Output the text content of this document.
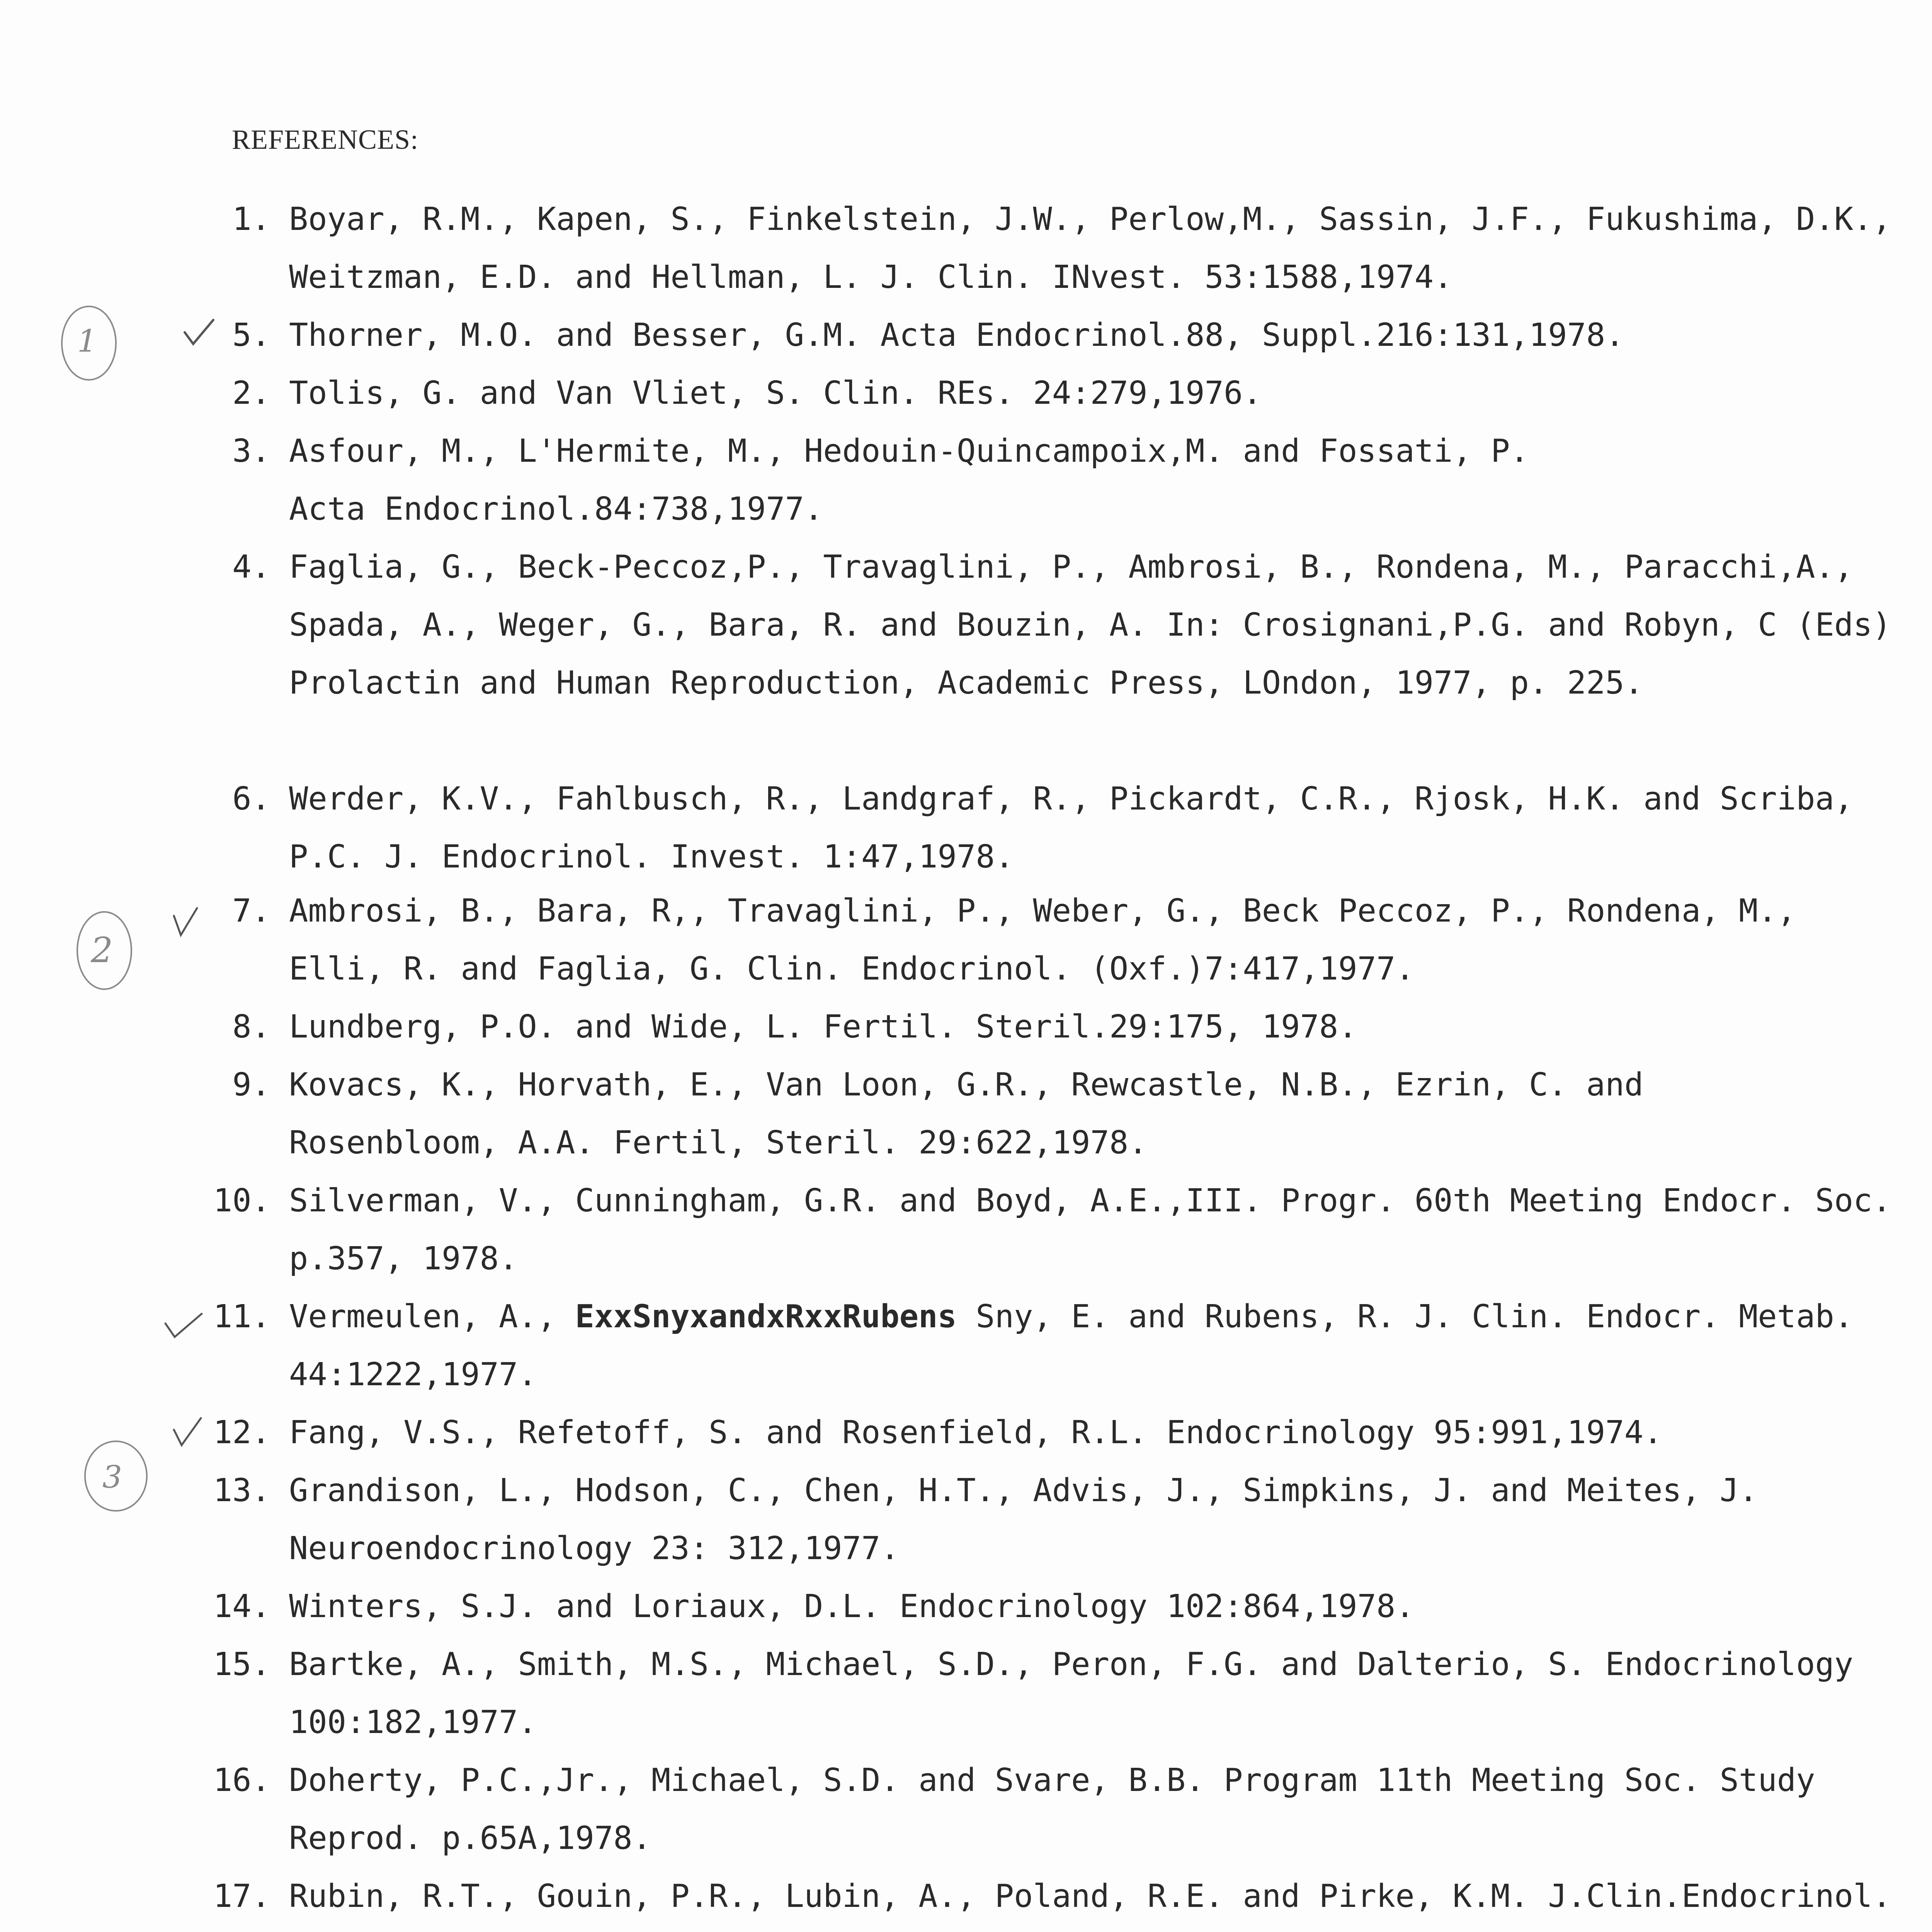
REFERENCES:
1. Boyar, R.M., Kapen, S., Finkelstein, J.W., Perlow,M., Sassin, J.F., Fukushima, D.K.,
Weitzman, E.D. and Hellman, L. J. Clin. INvest. 53:1588,1974.
5. Thorner, M.O. and Besser, G.M. Acta Endocrinol.88, Suppl.216:131,1978.
2. Tolis, G. and Van Vliet, S. Clin. REs. 24:279,1976.
3. Asfour, M., L'Hermite, M., Hedouin-Quincampoix,M. and Fossati, P.
Acta Endocrinol.84:738,1977.
4. Faglia, G., Beck-Peccoz,P., Travaglini, P., Ambrosi, B., Rondena, M., Paracchi,A.,
Spada, A., Weger, G., Bara, R. and Bouzin, A. In: Crosignani,P.G. and Robyn, C (Eds)
Prolactin and Human Reproduction, Academic Press, LOndon, 1977, p. 225.
6. Werder, K.V., Fahlbusch, R., Landgraf, R., Pickardt, C.R., Rjosk, H.K. and Scriba,
P.C. J. Endocrinol. Invest. 1:47,1978.
7. Ambrosi, B., Bara, R,, Travaglini, P., Weber, G., Beck Peccoz, P., Rondena, M.,
Elli, R. and Faglia, G. Clin. Endocrinol. (Oxf.)7:417,1977.
8. Lundberg, P.O. and Wide, L. Fertil. Steril.29:175, 1978.
9. Kovacs, K., Horvath, E., Van Loon, G.R., Rewcastle, N.B., Ezrin, C. and
Rosenbloom, A.A. Fertil, Steril. 29:622,1978.
10. Silverman, V., Cunningham, G.R. and Boyd, A.E.,III. Progr. 60th Meeting Endocr. Soc.
p.357, 1978.
11. Vermeulen, A., ExxSnyxandxRxxRubens Sny, E. and Rubens, R. J. Clin. Endocr. Metab.
44:1222,1977.
12. Fang, V.S., Refetoff, S. and Rosenfield, R.L. Endocrinology 95:991,1974.
13. Grandison, L., Hodson, C., Chen, H.T., Advis, J., Simpkins, J. and Meites, J.
Neuroendocrinology 23: 312,1977.
14. Winters, S.J. and Loriaux, D.L. Endocrinology 102:864,1978.
15. Bartke, A., Smith, M.S., Michael, S.D., Peron, F.G. and Dalterio, S. Endocrinology
100:182,1977.
16. Doherty, P.C.,Jr., Michael, S.D. and Svare, B.B. Program 11th Meeting Soc. Study
Reprod. p.65A,1978.
17. Rubin, R.T., Gouin, P.R., Lubin, A., Poland, R.E. and Pirke, K.M. J.Clin.Endocrinol.
1
2
3
